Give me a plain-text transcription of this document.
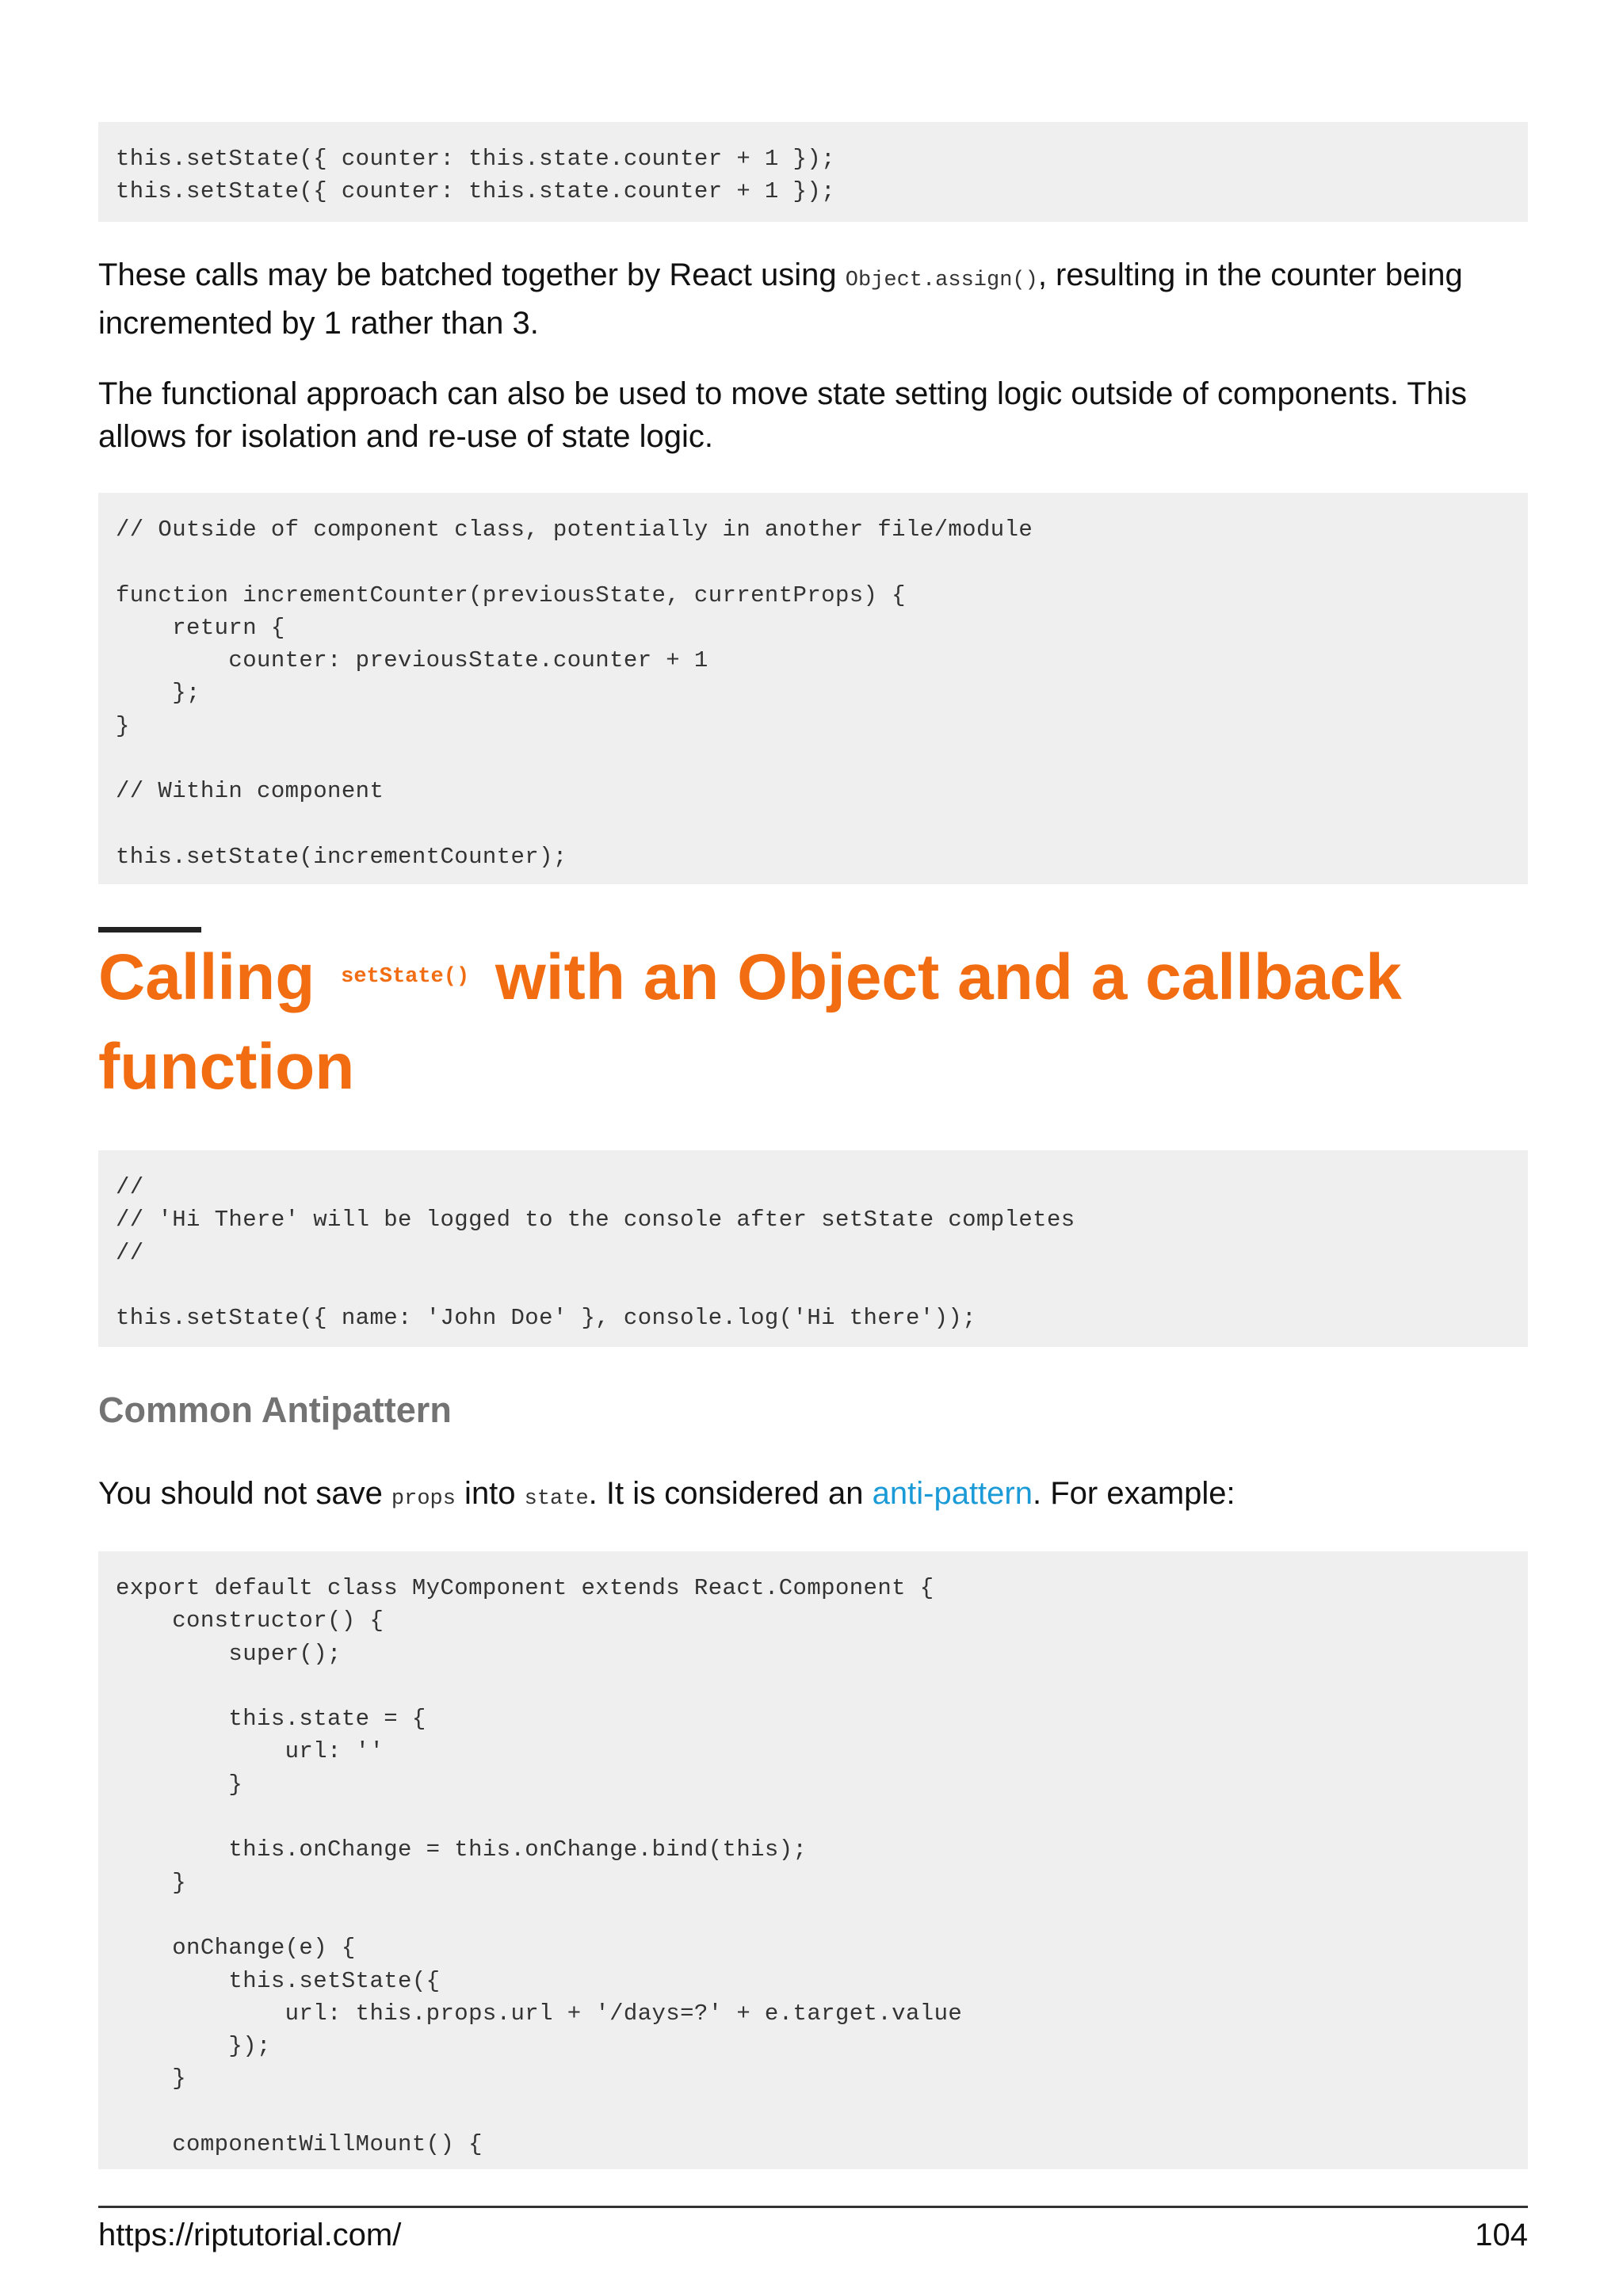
this.setState({ counter: this.state.counter + 1 });
this.setState({ counter: this.state.counter + 1 });

These calls may be batched together by React using Object.assign(), resulting in the counter being incremented by 1 rather than 3.

The functional approach can also be used to move state setting logic outside of components. This allows for isolation and re-use of state logic.

// Outside of component class, potentially in another file/module
function incrementCounter(previousState, currentProps) {
return {
counter: previousState.counter + 1
};
}
// Within component
this.setState(incrementCounter);
Calling setState() with an Object and a callback function
//
// 'Hi There' will be logged to the console after setState completes
//
this.setState({ name: 'John Doe' }, console.log('Hi there'));
Common Antipattern

You should not save props into state. It is considered an anti-pattern. For example:

export default class MyComponent extends React.Component {
constructor() {
super();
this.state = {
url: ''
}
this.onChange = this.onChange.bind(this);
}
onChange(e) {
this.setState({
url: this.props.url + '/days=?' + e.target.value
});
}
componentWillMount() {
https://riptutorial.com/	104
